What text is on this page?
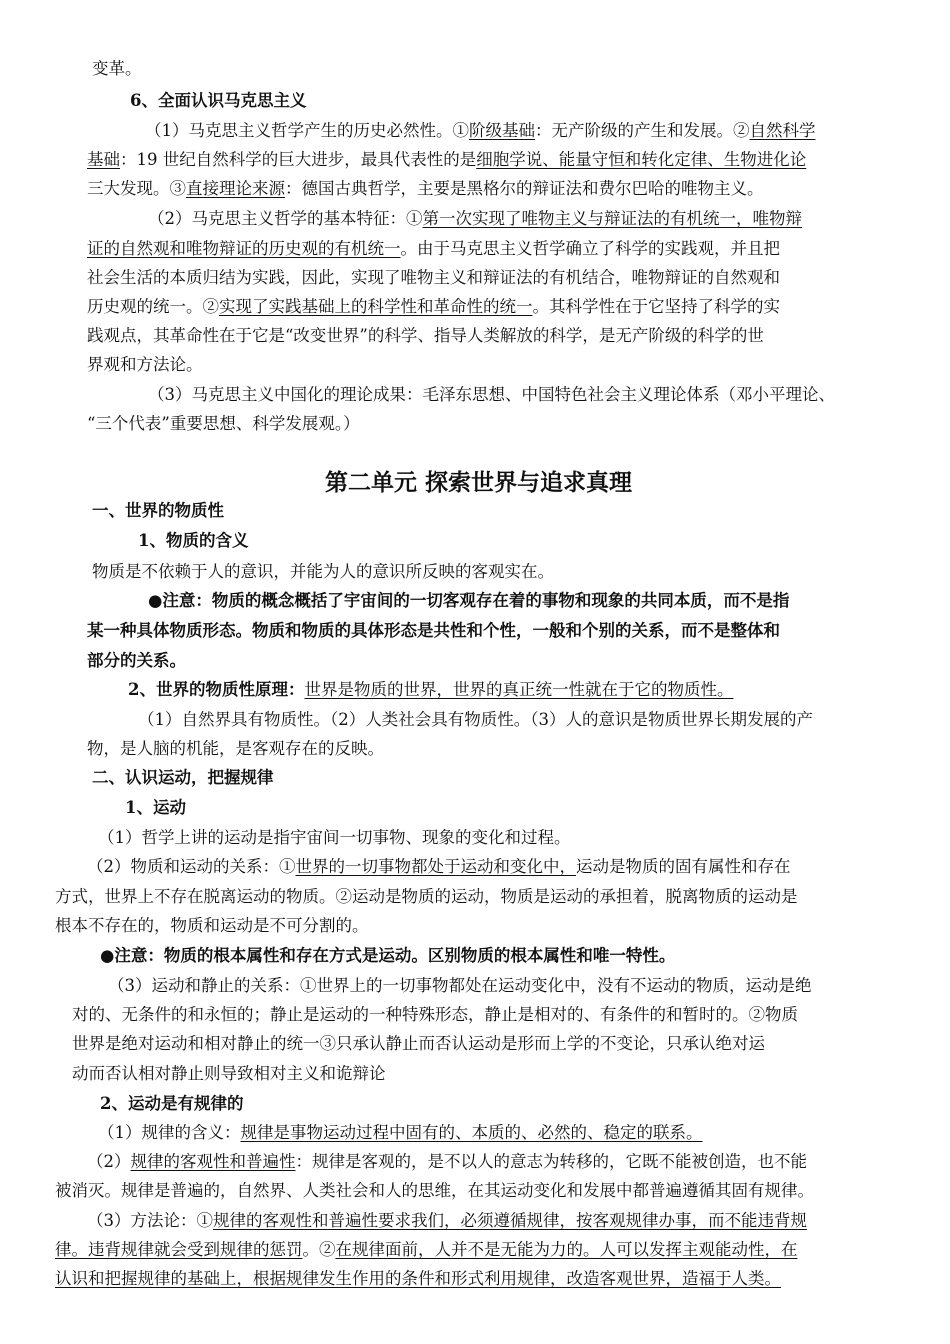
变革。
6、全面认识马克思主义
（1）马克思主义哲学产生的历史必然性。①阶级基础：无产阶级的产生和发展。②自然科学
基础：19 世纪自然科学的巨大进步，最具代表性的是细胞学说、能量守恒和转化定律、生物进化论
三大发现。③直接理论来源：德国古典哲学，主要是黑格尔的辩证法和费尔巴哈的唯物主义。
（2）马克思主义哲学的基本特征：①第一次实现了唯物主义与辩证法的有机统一，唯物辩
证的自然观和唯物辩证的历史观的有机统一。由于马克思主义哲学确立了科学的实践观，并且把
社会生活的本质归结为实践，因此，实现了唯物主义和辩证法的有机结合，唯物辩证的自然观和
历史观的统一。②实现了实践基础上的科学性和革命性的统一。其科学性在于它坚持了科学的实
践观点，其革命性在于它是“改变世界”的科学、指导人类解放的科学，是无产阶级的科学的世
界观和方法论。
（3）马克思主义中国化的理论成果：毛泽东思想、中国特色社会主义理论体系（邓小平理论、
“三个代表”重要思想、科学发展观。）
第二单元 探索世界与追求真理
一、世界的物质性
1、物质的含义
物质是不依赖于人的意识，并能为人的意识所反映的客观实在。
●注意：物质的概念概括了宇宙间的一切客观存在着的事物和现象的共同本质，而不是指
某一种具体物质形态。物质和物质的具体形态是共性和个性，一般和个别的关系，而不是整体和
部分的关系。
2、世界的物质性原理：世界是物质的世界，世界的真正统一性就在于它的物质性。
（1）自然界具有物质性。（2）人类社会具有物质性。（3）人的意识是物质世界长期发展的产
物，是人脑的机能，是客观存在的反映。
二、认识运动，把握规律
1、运动
（1）哲学上讲的运动是指宇宙间一切事物、现象的变化和过程。
（2）物质和运动的关系：①世界的一切事物都处于运动和变化中，运动是物质的固有属性和存在
方式，世界上不存在脱离运动的物质。②运动是物质的运动，物质是运动的承担着，脱离物质的运动是
根本不存在的，物质和运动是不可分割的。
●注意：物质的根本属性和存在方式是运动。区别物质的根本属性和唯一特性。
（3）运动和静止的关系：①世界上的一切事物都处在运动变化中，没有不运动的物质，运动是绝
对的、无条件的和永恒的；静止是运动的一种特殊形态，静止是相对的、有条件的和暂时的。②物质
世界是绝对运动和相对静止的统一③只承认静止而否认运动是形而上学的不变论，只承认绝对运
动而否认相对静止则导致相对主义和诡辩论
2、运动是有规律的
（1）规律的含义：规律是事物运动过程中固有的、本质的、必然的、稳定的联系。
（2）规律的客观性和普遍性：规律是客观的，是不以人的意志为转移的，它既不能被创造，也不能
被消灭。规律是普遍的，自然界、人类社会和人的思维，在其运动变化和发展中都普遍遵循其固有规律。
（3）方法论：①规律的客观性和普遍性要求我们，必须遵循规律，按客观规律办事，而不能违背规
律。违背规律就会受到规律的惩罚。②在规律面前，人并不是无能为力的。人可以发挥主观能动性，在
认识和把握规律的基础上，根据规律发生作用的条件和形式利用规律，改造客观世界，造福于人类。
